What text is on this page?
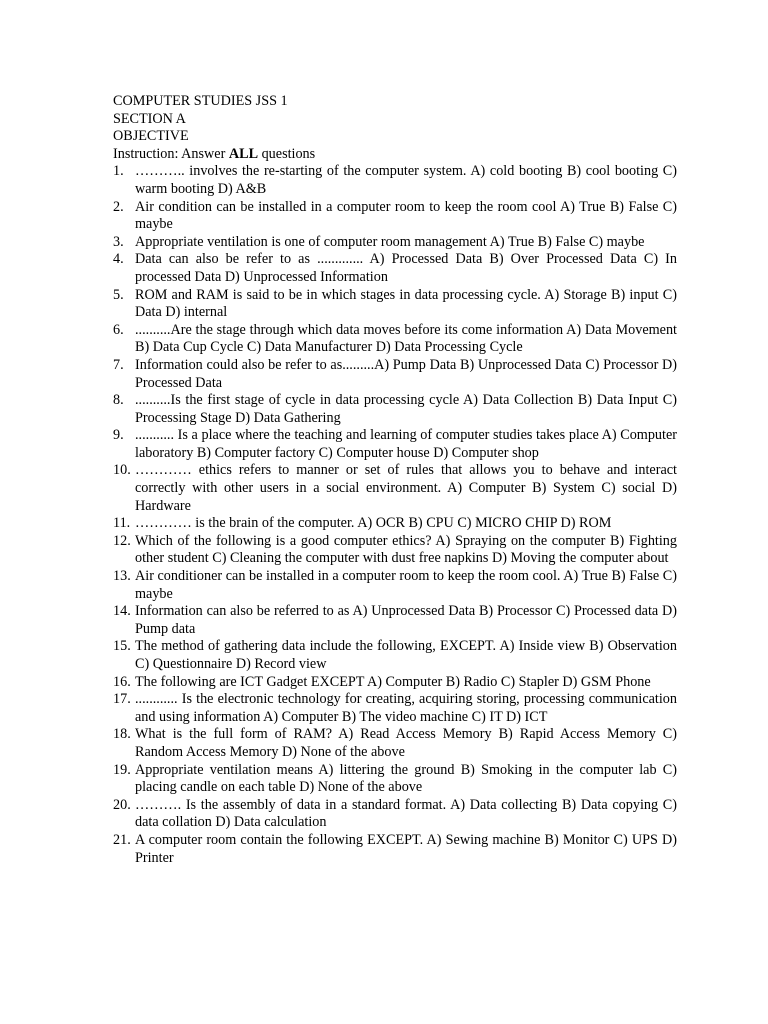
COMPUTER STUDIES JSS 1
SECTION A
OBJECTIVE
Instruction: Answer ALL questions
1. ……….. involves the re-starting of the computer system. A) cold booting B) cool booting C) warm booting D) A&B
2. Air condition can be installed in a computer room to keep the room cool A) True B) False C) maybe
3. Appropriate ventilation is one of computer room management A) True B) False C) maybe
4. Data can also be refer to as ............. A) Processed Data B) Over Processed Data C) In processed Data D) Unprocessed Information
5. ROM and RAM is said to be in which stages in data processing cycle. A) Storage B) input C) Data D) internal
6. ..........Are the stage through which data moves before its come information A) Data Movement B) Data Cup Cycle C) Data Manufacturer D) Data Processing Cycle
7. Information could also be refer to as.........A) Pump Data B) Unprocessed Data C) Processor D) Processed Data
8. ..........Is the first stage of cycle in data processing cycle A) Data Collection B) Data Input C) Processing Stage D) Data Gathering
9. ........... Is a place where the teaching and learning of computer studies takes place A) Computer laboratory B) Computer factory C) Computer house D) Computer shop
10. ………… ethics refers to manner or set of rules that allows you to behave and interact correctly with other users in a social environment. A) Computer B) System C) social D) Hardware
11. ………… is the brain of the computer. A) OCR B) CPU C) MICRO CHIP D) ROM
12. Which of the following is a good computer ethics? A) Spraying on the computer B) Fighting other student C) Cleaning the computer with dust free napkins D) Moving the computer about
13. Air conditioner can be installed in a computer room to keep the room cool. A) True B) False C) maybe
14. Information can also be referred to as A) Unprocessed Data B) Processor C) Processed data D) Pump data
15. The method of gathering data include the following, EXCEPT. A) Inside view B) Observation C) Questionnaire D) Record view
16. The following are ICT Gadget EXCEPT A) Computer B) Radio C) Stapler D) GSM Phone
17. ............ Is the electronic technology for creating, acquiring storing, processing communication and using information A) Computer B) The video machine C) IT D) ICT
18. What is the full form of RAM? A) Read Access Memory B) Rapid Access Memory C) Random Access Memory D) None of the above
19. Appropriate ventilation means A) littering the ground B) Smoking in the computer lab C) placing candle on each table D) None of the above
20. ………. Is the assembly of data in a standard format. A) Data collecting B) Data copying C) data collation D) Data calculation
21. A computer room contain the following EXCEPT. A) Sewing machine B) Monitor C) UPS D) Printer
